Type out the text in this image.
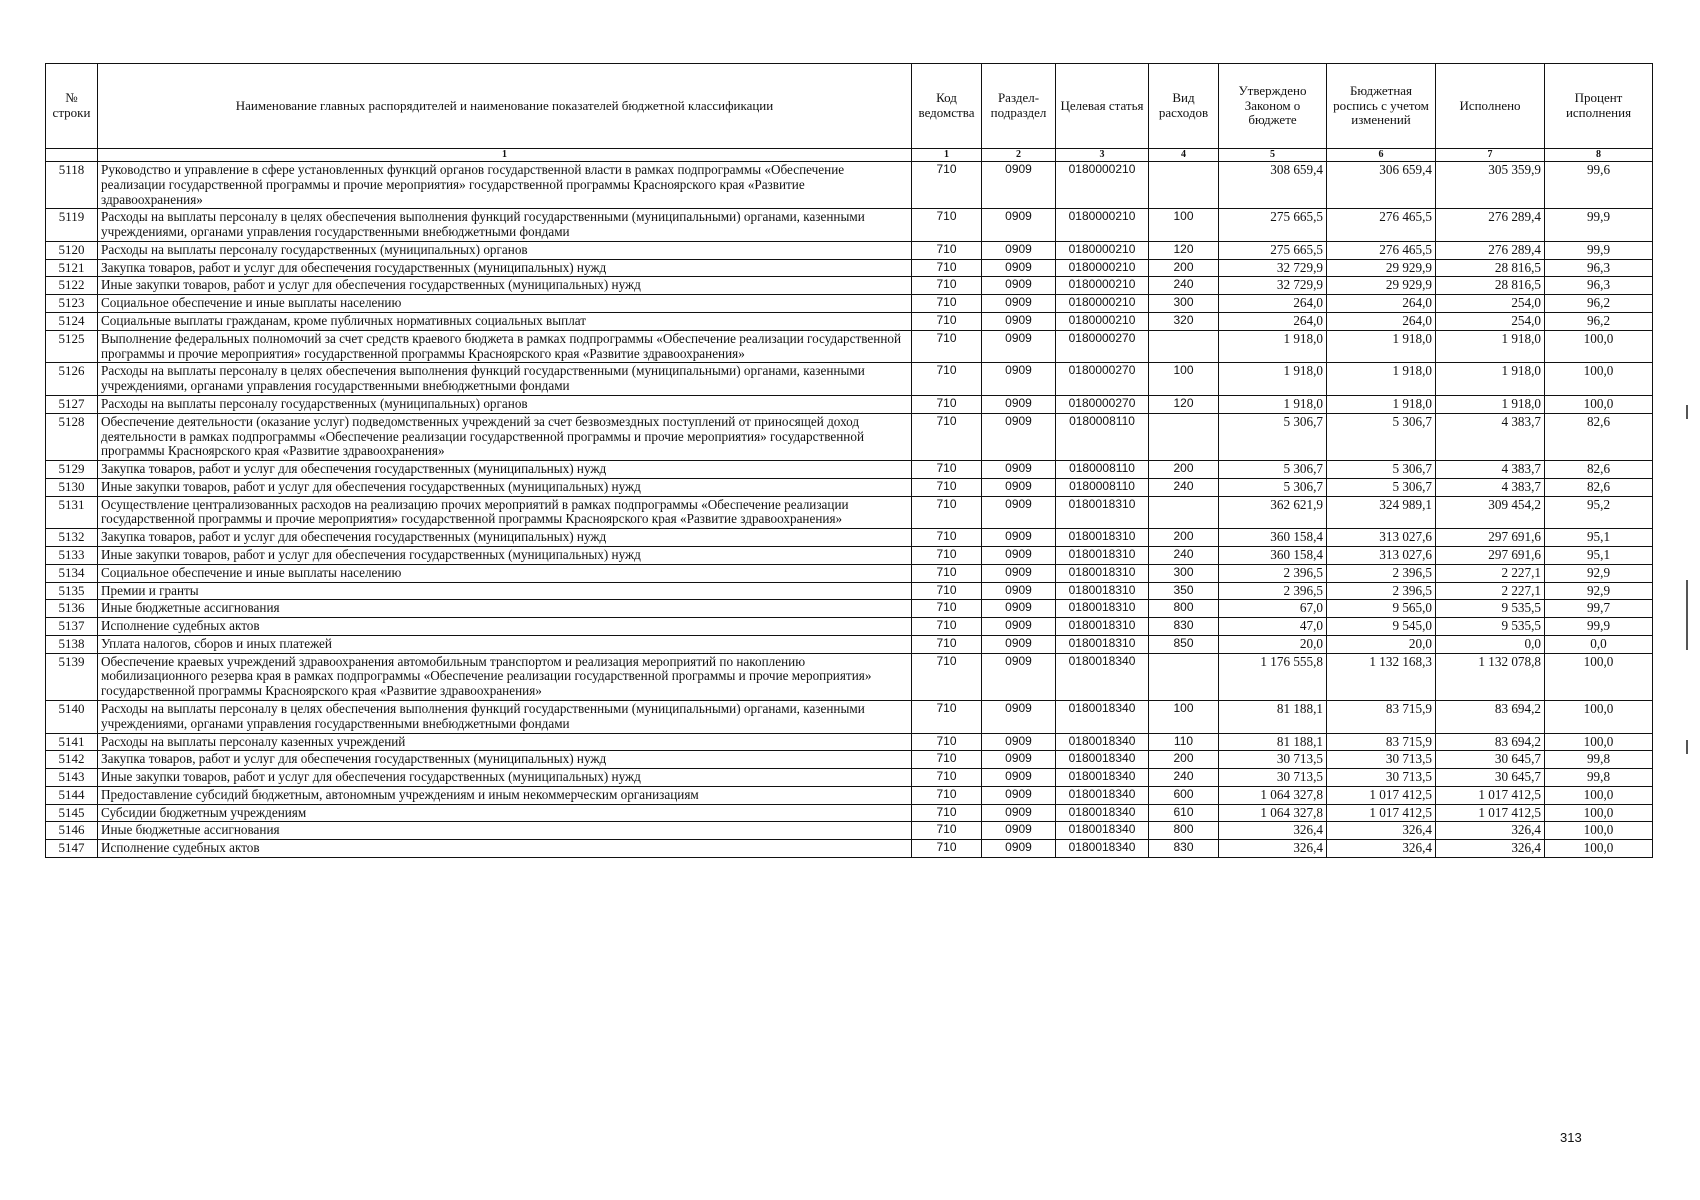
№ строки	Наименование главных распорядителей и наименование показателей бюджетной классификации	Код ведомства	Раздел-подраздел	Целевая статья	Вид расходов	Утверждено Законом о бюджете	Бюджетная роспись с учетом изменений	Исполнено	Процент исполнения
	1	1	2	3	4	5	6	7	8
5118	Руководство и управление в сфере установленных функций органов государственной власти в рамках подпрограммы «Обеспечение реализации государственной программы и прочие мероприятия» государственной программы Красноярского края «Развитие здравоохранения»	710	0909	0180000210		308 659,4	306 659,4	305 359,9	99,6
5119	Расходы на выплаты персоналу в целях обеспечения выполнения функций государственными (муниципальными) органами, казенными учреждениями, органами управления государственными внебюджетными фондами	710	0909	0180000210	100	275 665,5	276 465,5	276 289,4	99,9
5120	Расходы на выплаты персоналу государственных (муниципальных) органов	710	0909	0180000210	120	275 665,5	276 465,5	276 289,4	99,9
5121	Закупка товаров, работ и услуг для обеспечения государственных (муниципальных) нужд	710	0909	0180000210	200	32 729,9	29 929,9	28 816,5	96,3
5122	Иные закупки товаров, работ и услуг для обеспечения государственных (муниципальных) нужд	710	0909	0180000210	240	32 729,9	29 929,9	28 816,5	96,3
5123	Социальное обеспечение и иные выплаты населению	710	0909	0180000210	300	264,0	264,0	254,0	96,2
5124	Социальные выплаты гражданам, кроме публичных нормативных социальных выплат	710	0909	0180000210	320	264,0	264,0	254,0	96,2
5125	Выполнение федеральных полномочий за счет средств краевого бюджета в рамках подпрограммы «Обеспечение реализации государственной программы и прочие мероприятия» государственной программы Красноярского края «Развитие здравоохранения»	710	0909	0180000270		1 918,0	1 918,0	1 918,0	100,0
5126	Расходы на выплаты персоналу в целях обеспечения выполнения функций государственными (муниципальными) органами, казенными учреждениями, органами управления государственными внебюджетными фондами	710	0909	0180000270	100	1 918,0	1 918,0	1 918,0	100,0
5127	Расходы на выплаты персоналу государственных (муниципальных) органов	710	0909	0180000270	120	1 918,0	1 918,0	1 918,0	100,0
5128	Обеспечение деятельности (оказание услуг) подведомственных учреждений за счет безвозмездных поступлений от приносящей доход деятельности в рамках подпрограммы «Обеспечение реализации государственной программы и прочие мероприятия» государственной программы Красноярского края «Развитие здравоохранения»	710	0909	0180008110		5 306,7	5 306,7	4 383,7	82,6
5129	Закупка товаров, работ и услуг для обеспечения государственных (муниципальных) нужд	710	0909	0180008110	200	5 306,7	5 306,7	4 383,7	82,6
5130	Иные закупки товаров, работ и услуг для обеспечения государственных (муниципальных) нужд	710	0909	0180008110	240	5 306,7	5 306,7	4 383,7	82,6
5131	Осуществление централизованных расходов на реализацию прочих мероприятий в рамках подпрограммы «Обеспечение реализации государственной программы и прочие мероприятия» государственной программы Красноярского края «Развитие здравоохранения»	710	0909	0180018310		362 621,9	324 989,1	309 454,2	95,2
5132	Закупка товаров, работ и услуг для обеспечения государственных (муниципальных) нужд	710	0909	0180018310	200	360 158,4	313 027,6	297 691,6	95,1
5133	Иные закупки товаров, работ и услуг для обеспечения государственных (муниципальных) нужд	710	0909	0180018310	240	360 158,4	313 027,6	297 691,6	95,1
5134	Социальное обеспечение и иные выплаты населению	710	0909	0180018310	300	2 396,5	2 396,5	2 227,1	92,9
5135	Премии и гранты	710	0909	0180018310	350	2 396,5	2 396,5	2 227,1	92,9
5136	Иные бюджетные ассигнования	710	0909	0180018310	800	67,0	9 565,0	9 535,5	99,7
5137	Исполнение судебных актов	710	0909	0180018310	830	47,0	9 545,0	9 535,5	99,9
5138	Уплата налогов, сборов и иных платежей	710	0909	0180018310	850	20,0	20,0	0,0	0,0
5139	Обеспечение краевых учреждений здравоохранения автомобильным транспортом и реализация мероприятий по накоплению мобилизационного резерва края в рамках подпрограммы «Обеспечение реализации государственной программы и прочие мероприятия» государственной программы Красноярского края «Развитие здравоохранения»	710	0909	0180018340		1 176 555,8	1 132 168,3	1 132 078,8	100,0
5140	Расходы на выплаты персоналу в целях обеспечения выполнения функций государственными (муниципальными) органами, казенными учреждениями, органами управления государственными внебюджетными фондами	710	0909	0180018340	100	81 188,1	83 715,9	83 694,2	100,0
5141	Расходы на выплаты персоналу казенных учреждений	710	0909	0180018340	110	81 188,1	83 715,9	83 694,2	100,0
5142	Закупка товаров, работ и услуг для обеспечения государственных (муниципальных) нужд	710	0909	0180018340	200	30 713,5	30 713,5	30 645,7	99,8
5143	Иные закупки товаров, работ и услуг для обеспечения государственных (муниципальных) нужд	710	0909	0180018340	240	30 713,5	30 713,5	30 645,7	99,8
5144	Предоставление субсидий бюджетным, автономным учреждениям и иным некоммерческим организациям	710	0909	0180018340	600	1 064 327,8	1 017 412,5	1 017 412,5	100,0
5145	Субсидии бюджетным учреждениям	710	0909	0180018340	610	1 064 327,8	1 017 412,5	1 017 412,5	100,0
5146	Иные бюджетные ассигнования	710	0909	0180018340	800	326,4	326,4	326,4	100,0
5147	Исполнение судебных актов	710	0909	0180018340	830	326,4	326,4	326,4	100,0
313
